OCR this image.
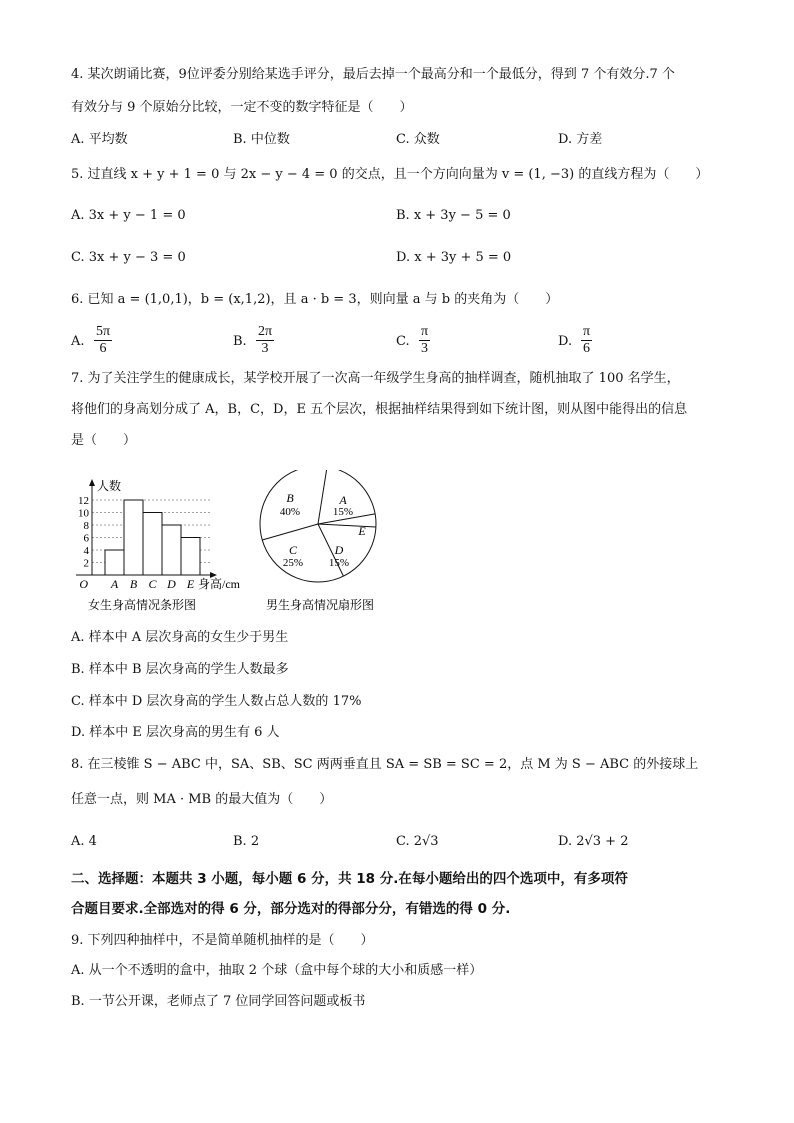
4. 某次朗诵比赛，9位评委分别给某选手评分，最后去掉一个最高分和一个最低分，得到 7 个有效分.7 个
有效分与 9 个原始分比较，一定不变的数字特征是（　　）
A. 平均数	B. 中位数	C. 众数	D. 方差
5. 过直线 x + y + 1 = 0 与 2x − y − 4 = 0 的交点，且一个方向向量为 v = (1, −3) 的直线方程为（　　）
A. 3x + y − 1 = 0	B. x + 3y − 5 = 0
C. 3x + y − 3 = 0	D. x + 3y + 5 = 0
6. 已知 a = (1,0,1)，b = (x,1,2)，且 a · b = 3，则向量 a 与 b 的夹角为（　　）
A. $\frac{5\pi}{6}$	B. $\frac{2\pi}{3}$	C. $\frac{\pi}{3}$	D. $\frac{\pi}{6}$
7. 为了关注学生的健康成长，某学校开展了一次高一年级学生身高的抽样调查，随机抽取了 100 名学生，
将他们的身高划分成了 A，B，C，D，E 五个层次，根据抽样结果得到如下统计图，则从图中能得出的信息
是（　　）
2
4
6
8
10
12
A B C D E
O
人数
身高/cm
女生身高情况条形图
B
40%
A
15%
E
D
15%
C
25%
男生身高情况扇形图
A. 样本中 A 层次身高的女生少于男生
B. 样本中 B 层次身高的学生人数最多
C. 样本中 D 层次身高的学生人数占总人数的 17%
D. 样本中 E 层次身高的男生有 6 人
8. 在三棱锥 S − ABC 中，SA、SB、SC 两两垂直且 SA = SB = SC = 2，点 M 为 S − ABC 的外接球上
任意一点，则 MA · MB 的最大值为（　　）
A. 4	B. 2	C. 2√3	D. 2√3 + 2
二、选择题：本题共 3 小题，每小题 6 分，共 18 分.在每小题给出的四个选项中，有多项符
合题目要求.全部选对的得 6 分，部分选对的得部分分，有错选的得 0 分.
9. 下列四种抽样中，不是简单随机抽样的是（　　）
A. 从一个不透明的盒中，抽取 2 个球（盒中每个球的大小和质感一样）
B. 一节公开课，老师点了 7 位同学回答问题或板书
